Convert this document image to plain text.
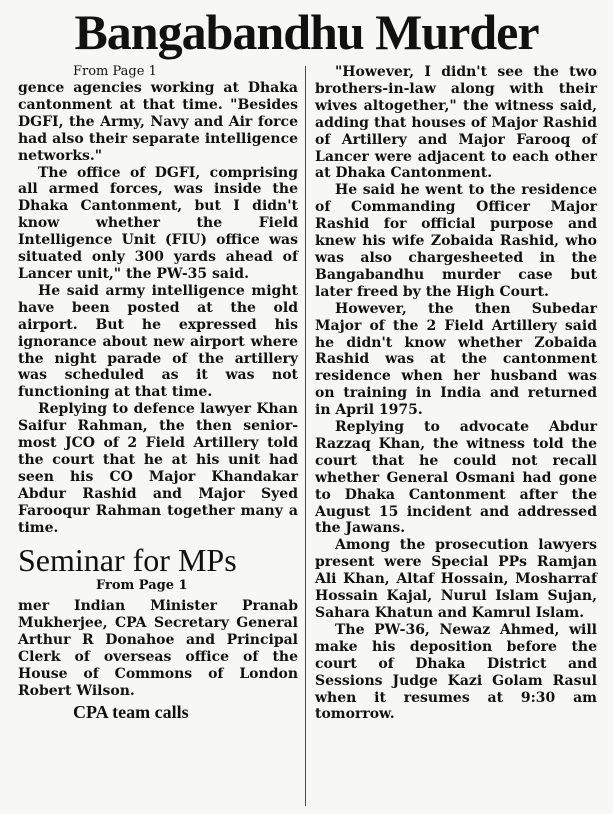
Bangabandhu Murder
From Page 1

gence agencies working at Dhaka cantonment at that time. "Besides DGFI, the Army, Navy and Air force had also their separate intelligence networks."

The office of DGFI, comprising all armed forces, was inside the Dhaka Cantonment, but I didn't know whether the Field Intelligence Unit (FIU) office was situated only 300 yards ahead of Lancer unit," the PW-35 said.

He said army intelligence might have been posted at the old airport. But he expressed his ignorance about new airport where the night parade of the artillery was scheduled as it was not functioning at that time.

Replying to defence lawyer Khan Saifur Rahman, the then senior-most JCO of 2 Field Artillery told the court that he at his unit had seen his CO Major Khandakar Abdur Rashid and Major Syed Farooqur Rahman together many a time.

Seminar for MPs
From Page 1

mer Indian Minister Pranab Mukherjee, CPA Secretary General Arthur R Donahoe and Principal Clerk of overseas office of the House of Commons of London Robert Wilson.

CPA team calls

"However, I didn't see the two brothers-in-law along with their wives altogether," the witness said, adding that houses of Major Rashid of Artillery and Major Farooq of Lancer were adjacent to each other at Dhaka Cantonment.

He said he went to the residence of Commanding Officer Major Rashid for official purpose and knew his wife Zobaida Rashid, who was also chargesheeted in the Bangabandhu murder case but later freed by the High Court.

However, the then Subedar Major of the 2 Field Artillery said he didn't know whether Zobaida Rashid was at the cantonment residence when her husband was on training in India and returned in April 1975.

Replying to advocate Abdur Razzaq Khan, the witness told the court that he could not recall whether General Osmani had gone to Dhaka Cantonment after the August 15 incident and addressed the Jawans.

Among the prosecution lawyers present were Special PPs Ramjan Ali Khan, Altaf Hossain, Mosharraf Hossain Kajal, Nurul Islam Sujan, Sahara Khatun and Kamrul Islam.

The PW-36, Newaz Ahmed, will make his deposition before the court of Dhaka District and Sessions Judge Kazi Golam Rasul when it resumes at 9:30 am tomorrow.
